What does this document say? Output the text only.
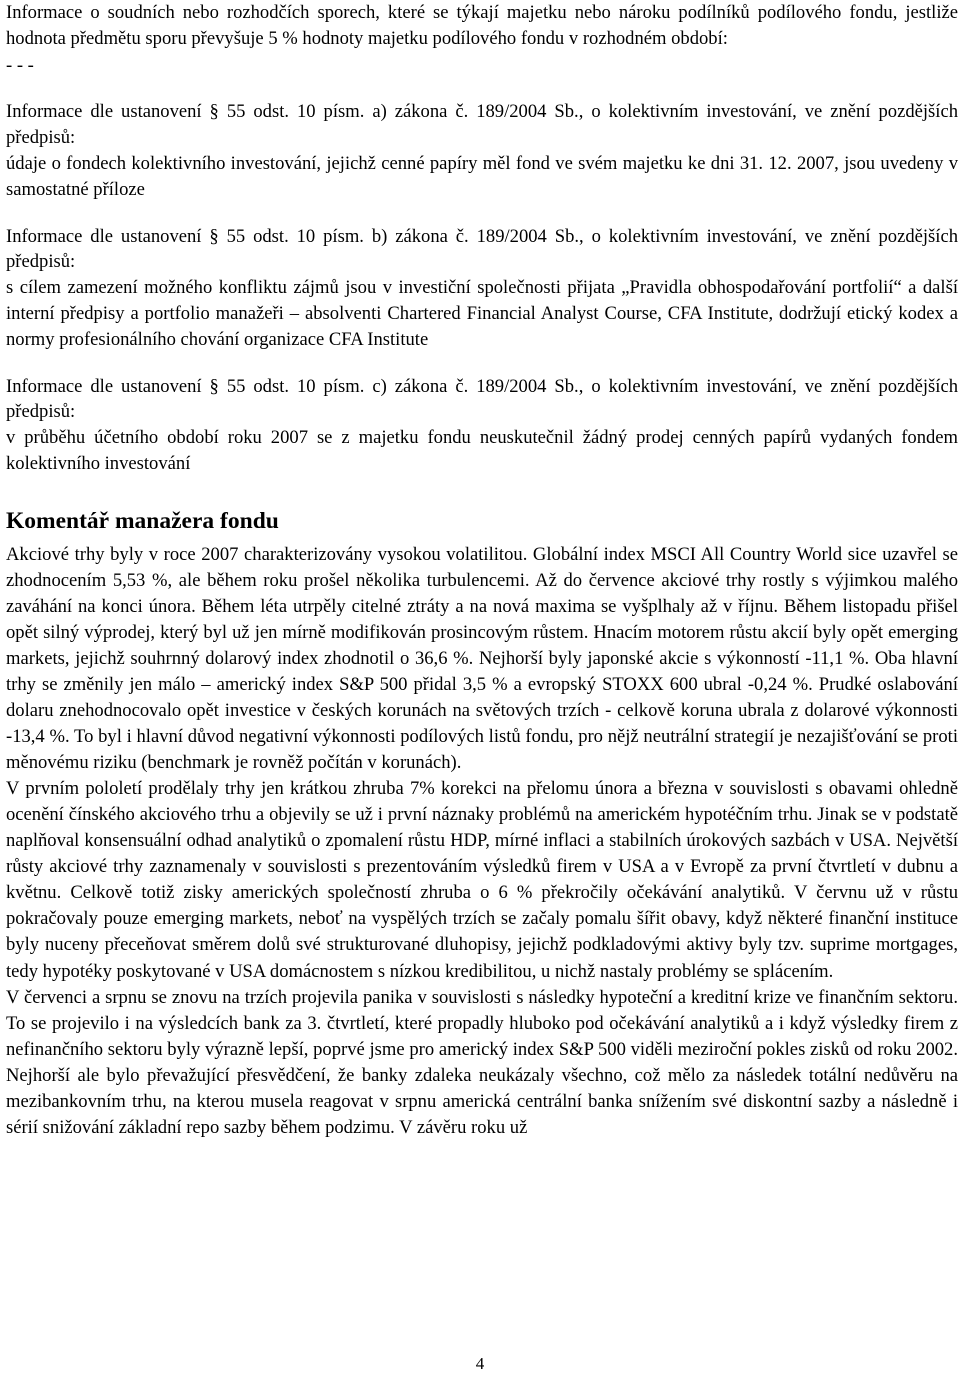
Informace o soudních nebo rozhodčích sporech, které se týkají majetku nebo nároku podílníků podílového fondu, jestliže hodnota předmětu sporu převyšuje 5 % hodnoty majetku podílového fondu v rozhodném období:

- - -

Informace dle ustanovení § 55 odst. 10 písm. a) zákona č. 189/2004 Sb., o kolektivním investování, ve znění pozdějších předpisů:

údaje o fondech kolektivního investování, jejichž cenné papíry měl fond ve svém majetku ke dni 31. 12. 2007, jsou uvedeny v samostatné příloze

Informace dle ustanovení § 55 odst. 10 písm. b) zákona č. 189/2004 Sb., o kolektivním investování, ve znění pozdějších předpisů:

s cílem zamezení možného konfliktu zájmů jsou v investiční společnosti přijata „Pravidla obhospodařování portfolií“ a další interní předpisy a portfolio manažeři – absolventi Chartered Financial Analyst Course, CFA Institute, dodržují etický kodex a normy profesionálního chování organizace CFA Institute

Informace dle ustanovení § 55 odst. 10 písm. c) zákona č. 189/2004 Sb., o kolektivním investování, ve znění pozdějších předpisů:

v průběhu účetního období roku 2007 se z majetku fondu neuskutečnil žádný prodej cenných papírů vydaných fondem kolektivního investování

Komentář manažera fondu

Akciové trhy byly v roce 2007 charakterizovány vysokou volatilitou. Globální index MSCI All Country World sice uzavřel se zhodnocením 5,53 %, ale během roku prošel několika turbulencemi. Až do července akciové trhy rostly s výjimkou malého zaváhání na konci února. Během léta utrpěly citelné ztráty a na nová maxima se vyšplhaly až v říjnu. Během listopadu přišel opět silný výprodej, který byl už jen mírně modifikován prosincovým růstem. Hnacím motorem růstu akcií byly opět emerging markets, jejichž souhrnný dolarový index zhodnotil o 36,6 %. Nejhorší byly japonské akcie s výkonností -11,1 %. Oba hlavní trhy se změnily jen málo – americký index S&P 500 přidal 3,5 % a evropský STOXX 600 ubral -0,24 %. Prudké oslabování dolaru znehodnocovalo opět investice v českých korunách na světových trzích - celkově koruna ubrala z dolarové výkonnosti -13,4 %. To byl i hlavní důvod negativní výkonnosti podílových listů fondu, pro nějž neutrální strategií je nezajišťování se proti měnovému riziku (benchmark je rovněž počítán v korunách).

V prvním pololetí prodělaly trhy jen krátkou zhruba 7% korekci na přelomu února a března v souvislosti s obavami ohledně ocenění čínského akciového trhu a objevily se už i první náznaky problémů na americkém hypotéčním trhu. Jinak se v podstatě naplňoval konsensuální odhad analytiků o zpomalení růstu HDP, mírné inflaci a stabilních úrokových sazbách v USA. Největší růsty akciové trhy zaznamenaly v souvislosti s prezentováním výsledků firem v USA a v Evropě za první čtvrtletí v dubnu a květnu. Celkově totiž zisky amerických společností zhruba o 6 % překročily očekávání analytiků. V červnu už v růstu pokračovaly pouze emerging markets, neboť na vyspělých trzích se začaly pomalu šířit obavy, když některé finanční instituce byly nuceny přeceňovat směrem dolů své strukturované dluhopisy, jejichž podkladovými aktivy byly tzv. suprime mortgages, tedy hypotéky poskytované v USA domácnostem s nízkou kredibilitou, u nichž nastaly problémy se splácením.

V červenci a srpnu se znovu na trzích projevila panika v souvislosti s následky hypoteční a kreditní krize ve finančním sektoru. To se projevilo i na výsledcích bank za 3. čtvrtletí, které propadly hluboko pod očekávání analytiků a i když výsledky firem z nefinančního sektoru byly výrazně lepší, poprvé jsme pro americký index S&P 500 viděli meziroční pokles zisků od roku 2002. Nejhorší ale bylo převažující přesvědčení, že banky zdaleka neukázaly všechno, což mělo za následek totální nedůvěru na mezibankovním trhu, na kterou musela reagovat v srpnu americká centrální banka snížením své diskontní sazby a následně i sérií snižování základní repo sazby během podzimu. V závěru roku už

4
